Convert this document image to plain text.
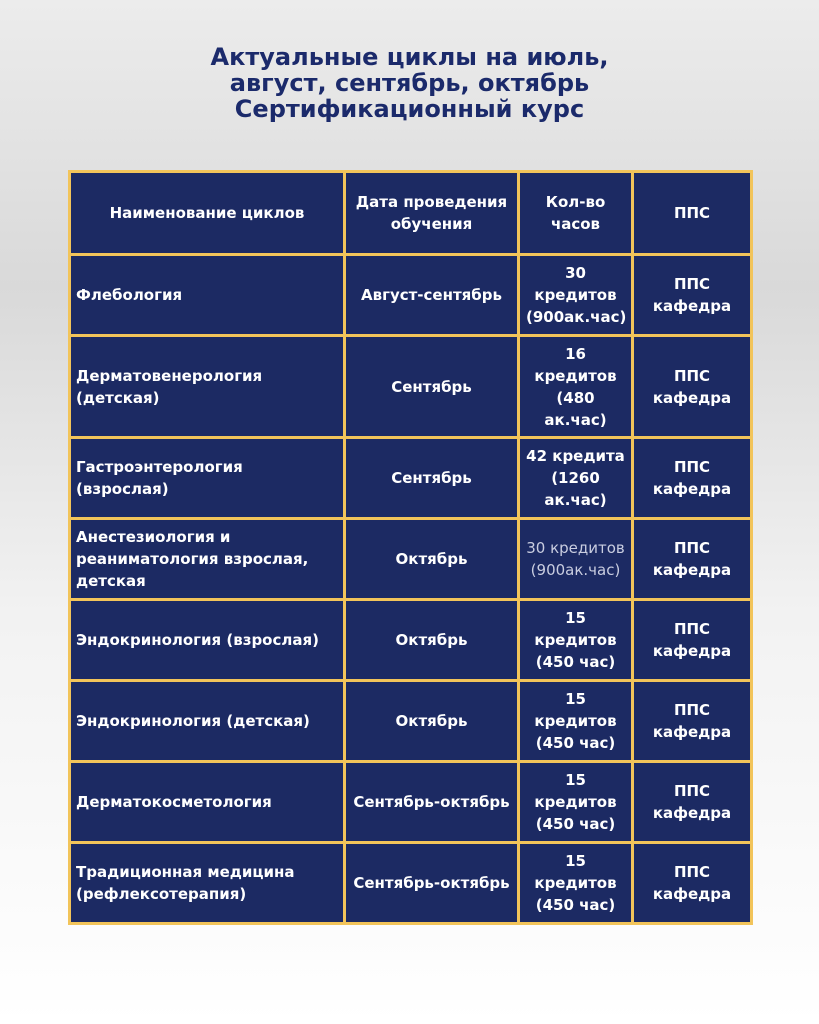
Актуальные циклы на июль,
август, сентябрь, октябрь
Сертификационный курс
Наименование циклов	Дата проведения обучения	Кол-во часов	ППС
Флебология	Август-сентябрь	30 кредитов (900ак.час)	ППС кафедра
Дерматовенерология (детская)	Сентябрь	16 кредитов (480 ак.час)	ППС кафедра
Гастроэнтерология (взрослая)	Сентябрь	42 кредита (1260 ак.час)	ППС кафедра
Анестезиология и реаниматология взрослая, детская	Октябрь	30 кредитов (900ак.час)	ППС кафедра
Эндокринология (взрослая)	Октябрь	15 кредитов (450 час)	ППС кафедра
Эндокринология (детская)	Октябрь	15 кредитов (450 час)	ППС кафедра
Дерматокосметология	Сентябрь-октябрь	15 кредитов (450 час)	ППС кафедра
Традиционная медицина (рефлексотерапия)	Сентябрь-октябрь	15 кредитов (450 час)	ППС кафедра
